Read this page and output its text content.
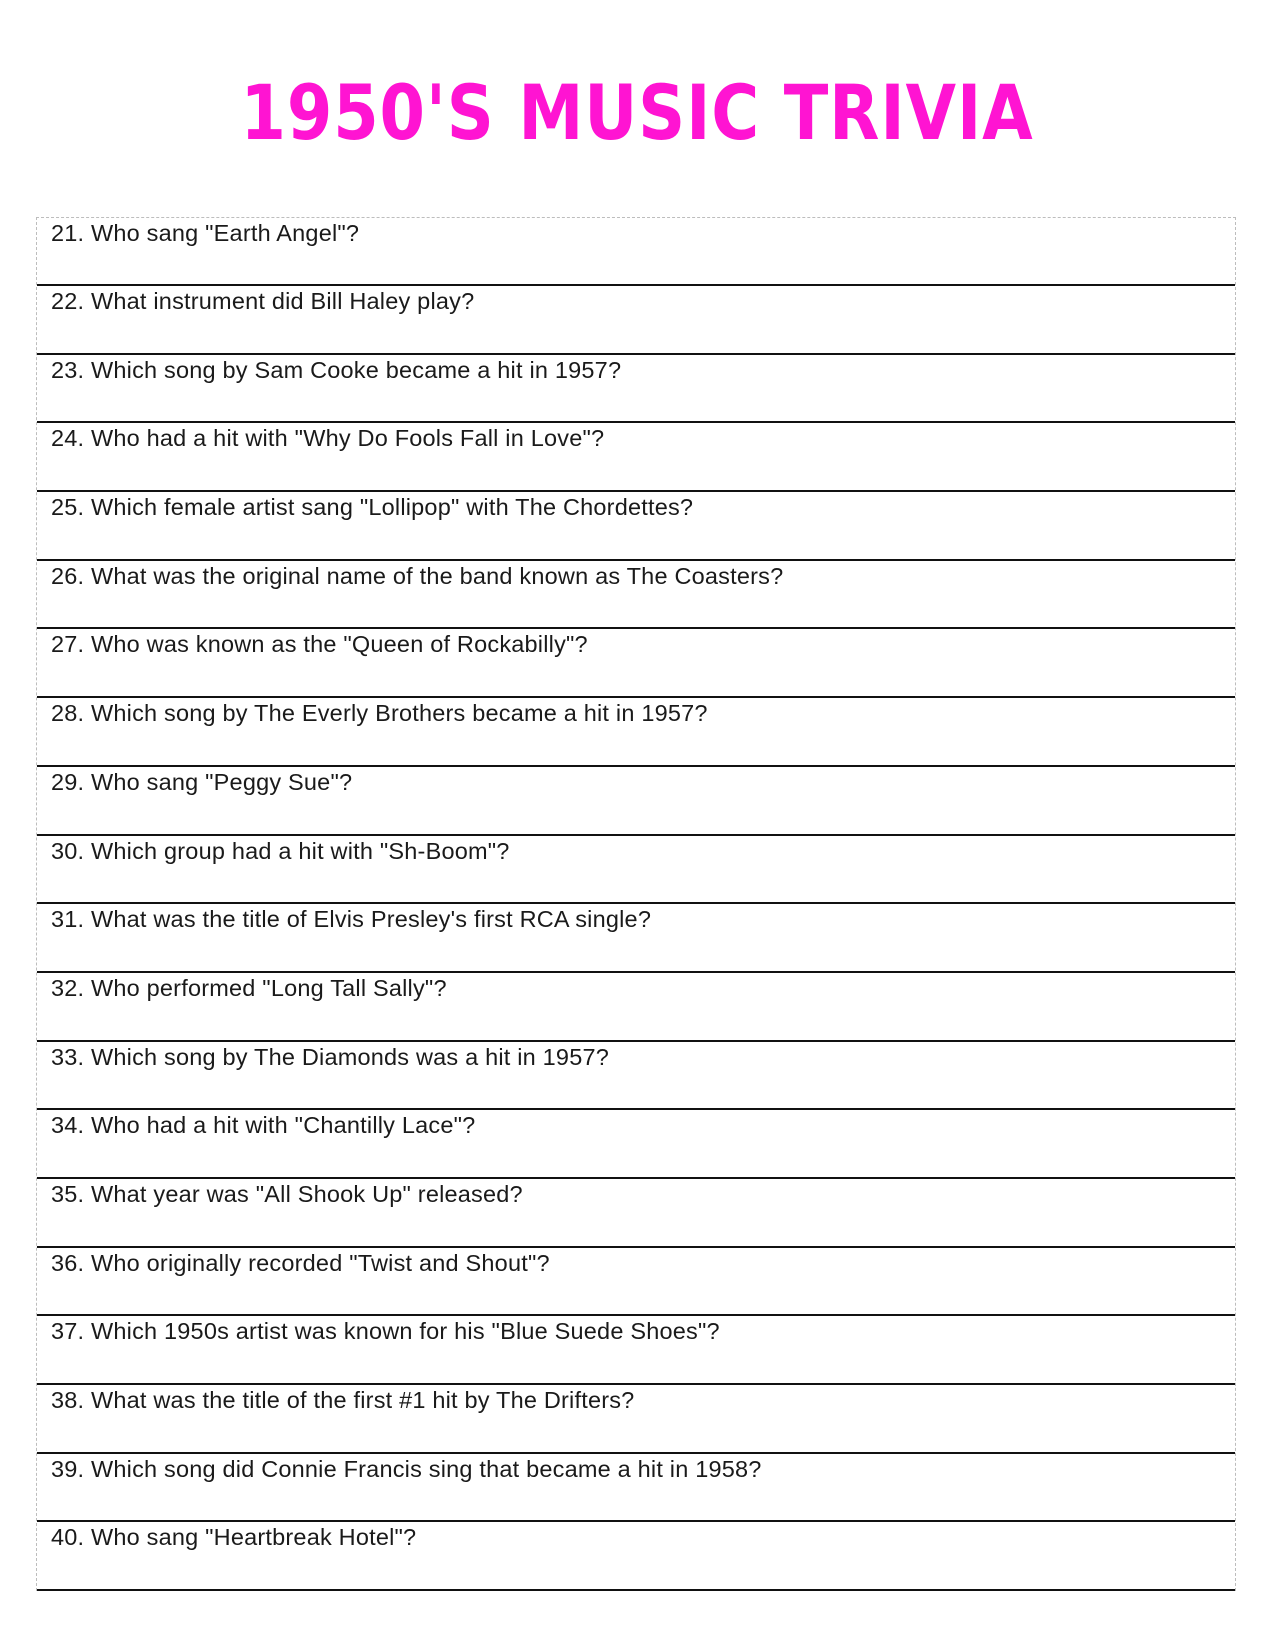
1950'S MUSIC TRIVIA
21. Who sang "Earth Angel"?
22. What instrument did Bill Haley play?
23. Which song by Sam Cooke became a hit in 1957?
24. Who had a hit with "Why Do Fools Fall in Love"?
25. Which female artist sang "Lollipop" with The Chordettes?
26. What was the original name of the band known as The Coasters?
27. Who was known as the "Queen of Rockabilly"?
28. Which song by The Everly Brothers became a hit in 1957?
29. Who sang "Peggy Sue"?
30. Which group had a hit with "Sh-Boom"?
31. What was the title of Elvis Presley's first RCA single?
32. Who performed "Long Tall Sally"?
33. Which song by The Diamonds was a hit in 1957?
34. Who had a hit with "Chantilly Lace"?
35. What year was "All Shook Up" released?
36. Who originally recorded "Twist and Shout"?
37. Which 1950s artist was known for his "Blue Suede Shoes"?
38. What was the title of the first #1 hit by The Drifters?
39. Which song did Connie Francis sing that became a hit in 1958?
40. Who sang "Heartbreak Hotel"?
